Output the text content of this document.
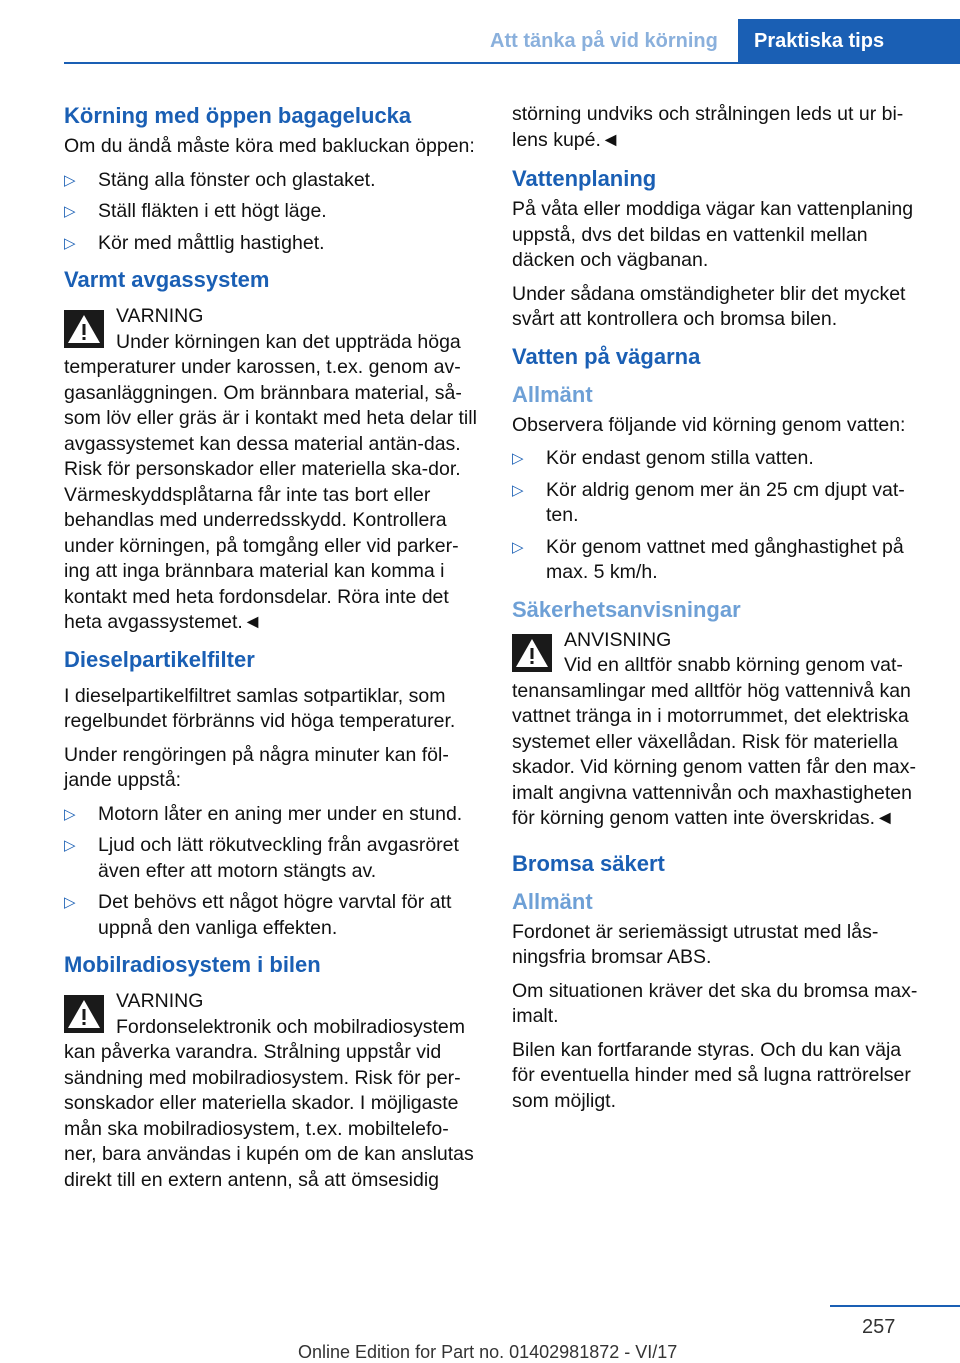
Att tänka på vid körning Praktiska tips
Körning med öppen bagagelucka

Om du ändå måste köra med bakluckan öppen:

▷ Stäng alla fönster och glastaket.
▷ Ställ fläkten i ett högt läge.
▷ Kör med måttlig hastighet.
Varmt avgassystem
VARNING
Under körningen kan det uppträda höga temperaturer under karossen, t.ex. genom av-gasanläggningen. Om brännbara material, så-som löv eller gräs är i kontakt med heta delar till avgassystemet kan dessa material antän-das. Risk för personskador eller materiella ska-dor. Värmeskyddsplåtarna får inte tas bort eller behandlas med underredsskydd. Kontrollera under körningen, på tomgång eller vid parker-ing att inga brännbara material kan komma i kontakt med heta fordonsdelar. Röra inte det heta avgassystemet.◄
Dieselpartikelfilter

I dieselpartikelfiltret samlas sotpartiklar, som regelbundet förbränns vid höga temperaturer.

Under rengöringen på några minuter kan föl-jande uppstå:

▷ Motorn låter en aning mer under en stund.
▷ Ljud och lätt rökutveckling från avgasröret även efter att motorn stängts av.
▷ Det behövs ett något högre varvtal för att uppnå den vanliga effekten.
Mobilradiosystem i bilen
VARNING
Fordonselektronik och mobilradiosystem kan påverka varandra. Strålning uppstår vid sändning med mobilradiosystem. Risk för per-sonskador eller materiella skador. I möjligaste mån ska mobilradiosystem, t.ex. mobiltelefo-ner, bara användas i kupén om de kan anslutas direkt till en extern antenn, så att ömsesidig

störning undviks och strålningen leds ut ur bi-lens kupé.◄

Vattenplaning

På våta eller moddiga vägar kan vattenplaning uppstå, dvs det bildas en vattenkil mellan däcken och vägbanan.

Under sådana omständigheter blir det mycket svårt att kontrollera och bromsa bilen.

Vatten på vägarna
Allmänt

Observera följande vid körning genom vatten:

▷ Kör endast genom stilla vatten.
▷ Kör aldrig genom mer än 25 cm djupt vat-ten.
▷ Kör genom vattnet med gånghastighet på max. 5 km/h.
Säkerhetsanvisningar
ANVISNING
Vid en alltför snabb körning genom vat-tenansamlingar med alltför hög vattennivå kan vattnet tränga in i motorrummet, det elektriska systemet eller växellådan. Risk för materiella skador. Vid körning genom vatten får den max-imalt angivna vattennivån och maxhastigheten för körning genom vatten inte överskridas.◄
Bromsa säkert
Allmänt

Fordonet är seriemässigt utrustat med lås-ningsfria bromsar ABS.

Om situationen kräver det ska du bromsa max-imalt.

Bilen kan fortfarande styras. Och du kan väja för eventuella hinder med så lugna rattrörelser som möjligt.

257
Online Edition for Part no. 01402981872 - VI/17
